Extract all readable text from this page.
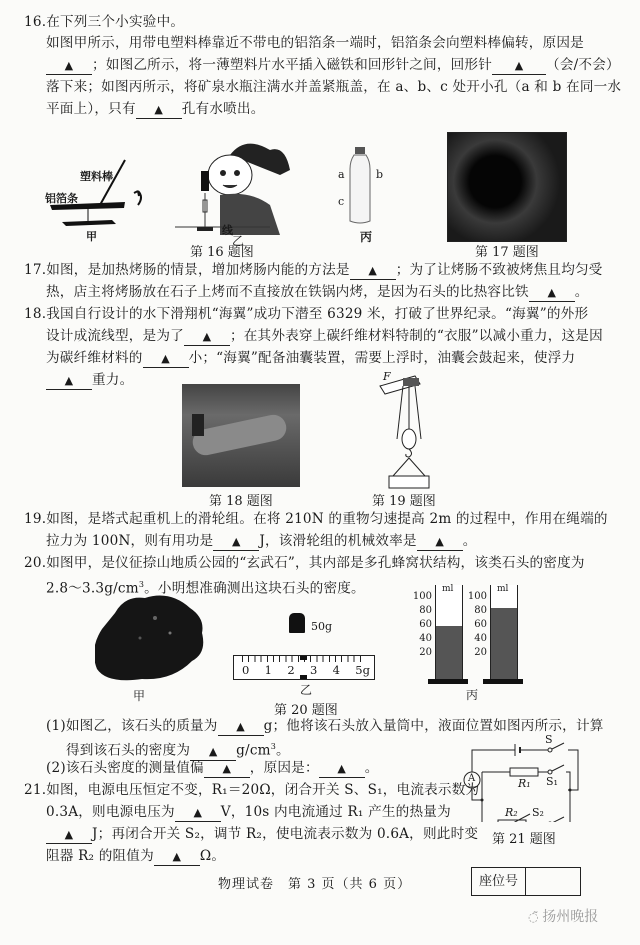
16.在下列三个小实验中。
如图甲所示，用带电塑料棒靠近不带电的铝箔条一端时，铝箔条会向塑料棒偏转，原因是
▲ ；如图乙所示，将一薄塑料片水平插入磁铁和回形针之间，回形针 ▲ （会/不会）
落下来；如图丙所示，将矿泉水瓶注满水并盖紧瓶盖，在 a、b、c 处开小孔（a 和 b 在同一水
平面上），只有 ▲ 孔有水喷出。
塑料棒
铝箔条
甲	线
乙
a	b
c
丙
第 16 题图	第 17 题图
17.如图，是加热烤肠的情景，增加烤肠内能的方法是 ▲ ；为了让烤肠不致被烤焦且均匀受
热，店主将烤肠放在石子上烤而不直接放在铁锅内烤，是因为石头的比热容比铁 ▲ 。
18.我国自行设计的水下滑翔机“海翼”成功下潜至 6329 米，打破了世界纪录。“海翼”的外形
设计成流线型，是为了 ▲ ；在其外表穿上碳纤维材料特制的“衣服”以减小重力，这是因
为碳纤维材料的 ▲ 小；“海翼”配备油囊装置，需要上浮时，油囊会鼓起来，使浮力
▲ 重力。
第 18 题图
F
第 19 题图
19.如图，是塔式起重机上的滑轮组。在将 210N 的重物匀速提高 2m 的过程中，作用在绳端的
拉力为 100N，则有用功是 ▲ J，该滑轮组的机械效率是 ▲ 。
20.如图甲，是仪征捺山地质公园的“玄武石”，其内部是多孔蜂窝状结构，该类石头的密度为
$2.8\sim 3.3g/cm^3$。小明想准确测出这块石头的密度。
甲
50g
0 1 2 3 4 5g
乙
100
80
60
40
20
ml
100
80
60
40
20
ml
丙
第 20 题图
(1)如图乙，该石头的质量为 ▲ g；他将该石头放入量筒中，液面位置如图丙所示，计算
得到该石头的密度为 ▲ $g/cm^3$。
(2)该石头密度的测量值偏 ▲ ，原因是： ▲ 。
21.如图，电源电压恒定不变，R₁＝20Ω，闭合开关 S、S₁，电流表示数为
0.3A，则电源电压为 ▲ V，10s 内电流通过 R₁ 产生的热量为
▲ J；再闭合开关 S₂，调节 R₂，使电流表示数为 0.6A，则此时变
阻器 R₂ 的阻值为 ▲ Ω。
S
A	R₁ S₁
R₂ S₂
第 21 题图
物理试卷　第 3 页（共 6 页）	座位号
◌̃ 扬州晚报
